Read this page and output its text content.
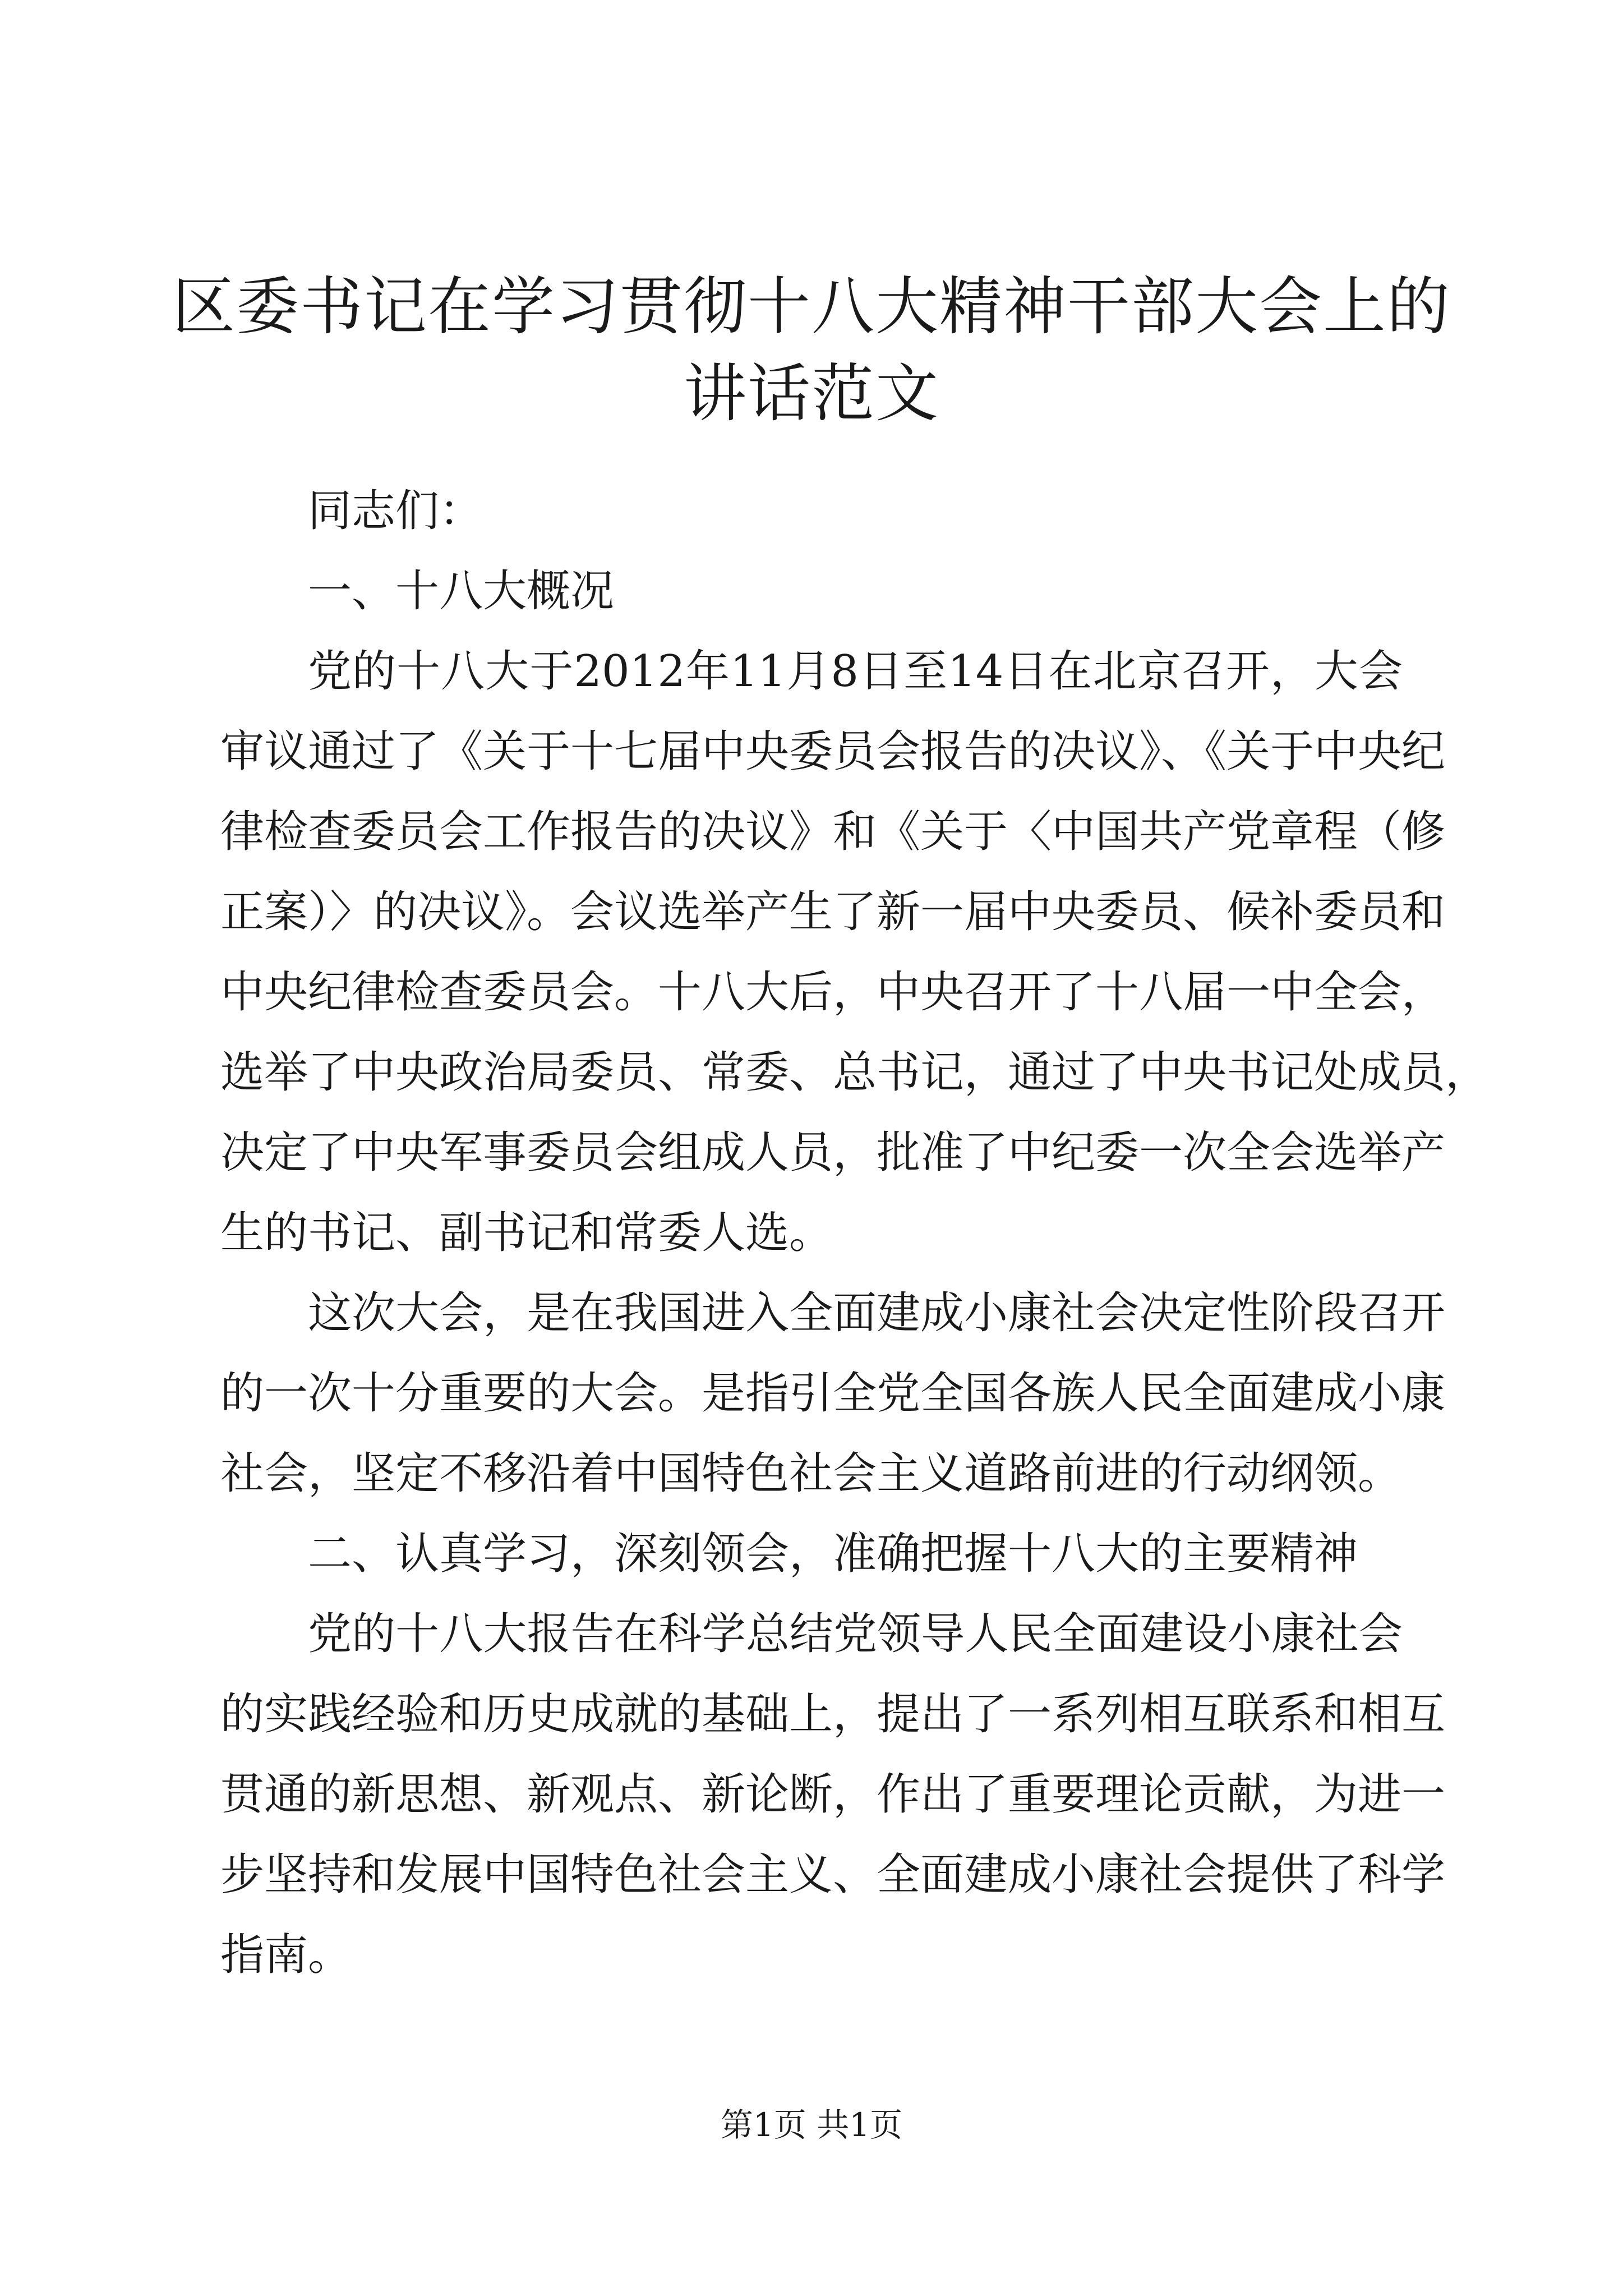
区委书记在学习贯彻十八大精神干部大会上的
讲话范文
同志们：
一、十八大概况
党的十八大于2012年11月8日至14日在北京召开，大会
审议通过了《关于十七届中央委员会报告的决议》、《关于中央纪
律检查委员会工作报告的决议》和《关于〈中国共产党章程（修
正案）〉的决议》。会议选举产生了新一届中央委员、候补委员和
中央纪律检查委员会。十八大后，中央召开了十八届一中全会，
选举了中央政治局委员、常委、总书记，通过了中央书记处成员，
决定了中央军事委员会组成人员，批准了中纪委一次全会选举产
生的书记、副书记和常委人选。
这次大会，是在我国进入全面建成小康社会决定性阶段召开
的一次十分重要的大会。是指引全党全国各族人民全面建成小康
社会，坚定不移沿着中国特色社会主义道路前进的行动纲领。
二、认真学习，深刻领会，准确把握十八大的主要精神
党的十八大报告在科学总结党领导人民全面建设小康社会
的实践经验和历史成就的基础上，提出了一系列相互联系和相互
贯通的新思想、新观点、新论断，作出了重要理论贡献，为进一
步坚持和发展中国特色社会主义、全面建成小康社会提供了科学
指南。
第1页 共1页
